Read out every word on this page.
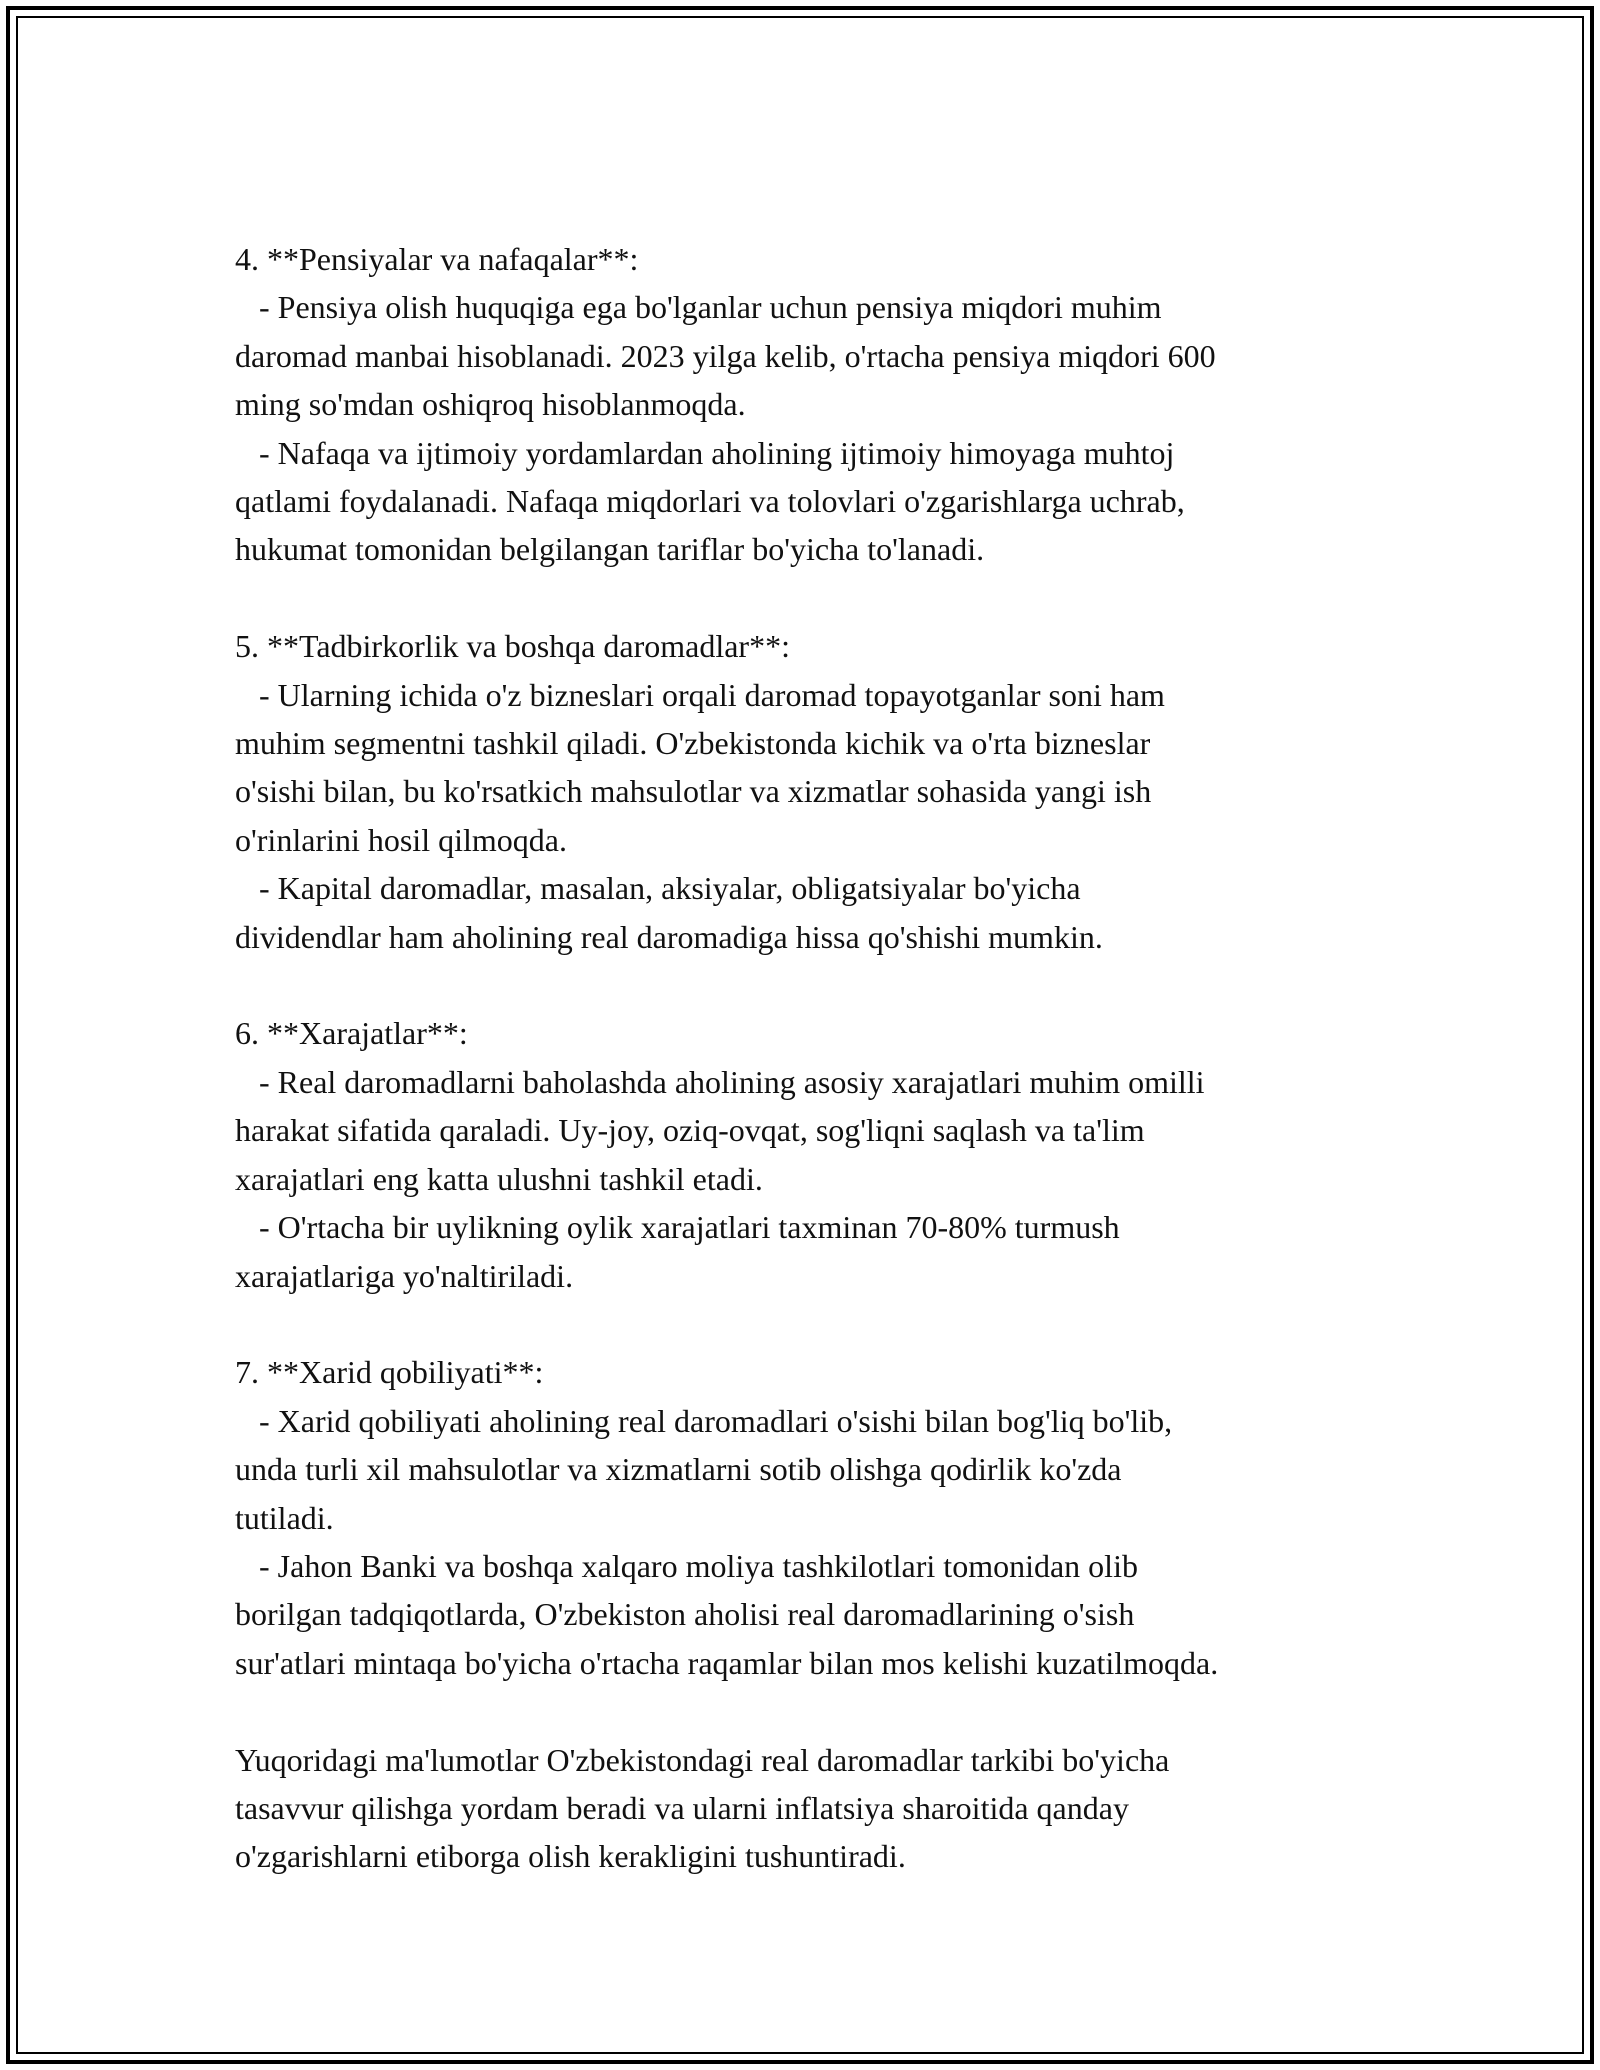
4. **Pensiyalar va nafaqalar**:
- Pensiya olish huquqiga ega bo'lganlar uchun pensiya miqdori muhim
daromad manbai hisoblanadi. 2023 yilga kelib, o'rtacha pensiya miqdori 600
ming so'mdan oshiqroq hisoblanmoqda.
- Nafaqa va ijtimoiy yordamlardan aholining ijtimoiy himoyaga muhtoj
qatlami foydalanadi. Nafaqa miqdorlari va tolovlari o'zgarishlarga uchrab,
hukumat tomonidan belgilangan tariflar bo'yicha to'lanadi.
5. **Tadbirkorlik va boshqa daromadlar**:
- Ularning ichida o'z bizneslari orqali daromad topayotganlar soni ham
muhim segmentni tashkil qiladi. O'zbekistonda kichik va o'rta bizneslar
o'sishi bilan, bu ko'rsatkich mahsulotlar va xizmatlar sohasida yangi ish
o'rinlarini hosil qilmoqda.
- Kapital daromadlar, masalan, aksiyalar, obligatsiyalar bo'yicha
dividendlar ham aholining real daromadiga hissa qo'shishi mumkin.
6. **Xarajatlar**:
- Real daromadlarni baholashda aholining asosiy xarajatlari muhim omilli
harakat sifatida qaraladi. Uy-joy, oziq-ovqat, sog'liqni saqlash va ta'lim
xarajatlari eng katta ulushni tashkil etadi.
- O'rtacha bir uylikning oylik xarajatlari taxminan 70-80% turmush
xarajatlariga yo'naltiriladi.
7. **Xarid qobiliyati**:
- Xarid qobiliyati aholining real daromadlari o'sishi bilan bog'liq bo'lib,
unda turli xil mahsulotlar va xizmatlarni sotib olishga qodirlik ko'zda
tutiladi.
- Jahon Banki va boshqa xalqaro moliya tashkilotlari tomonidan olib
borilgan tadqiqotlarda, O'zbekiston aholisi real daromadlarining o'sish
sur'atlari mintaqa bo'yicha o'rtacha raqamlar bilan mos kelishi kuzatilmoqda.
Yuqoridagi ma'lumotlar O'zbekistondagi real daromadlar tarkibi bo'yicha
tasavvur qilishga yordam beradi va ularni inflatsiya sharoitida qanday
o'zgarishlarni etiborga olish kerakligini tushuntiradi.
